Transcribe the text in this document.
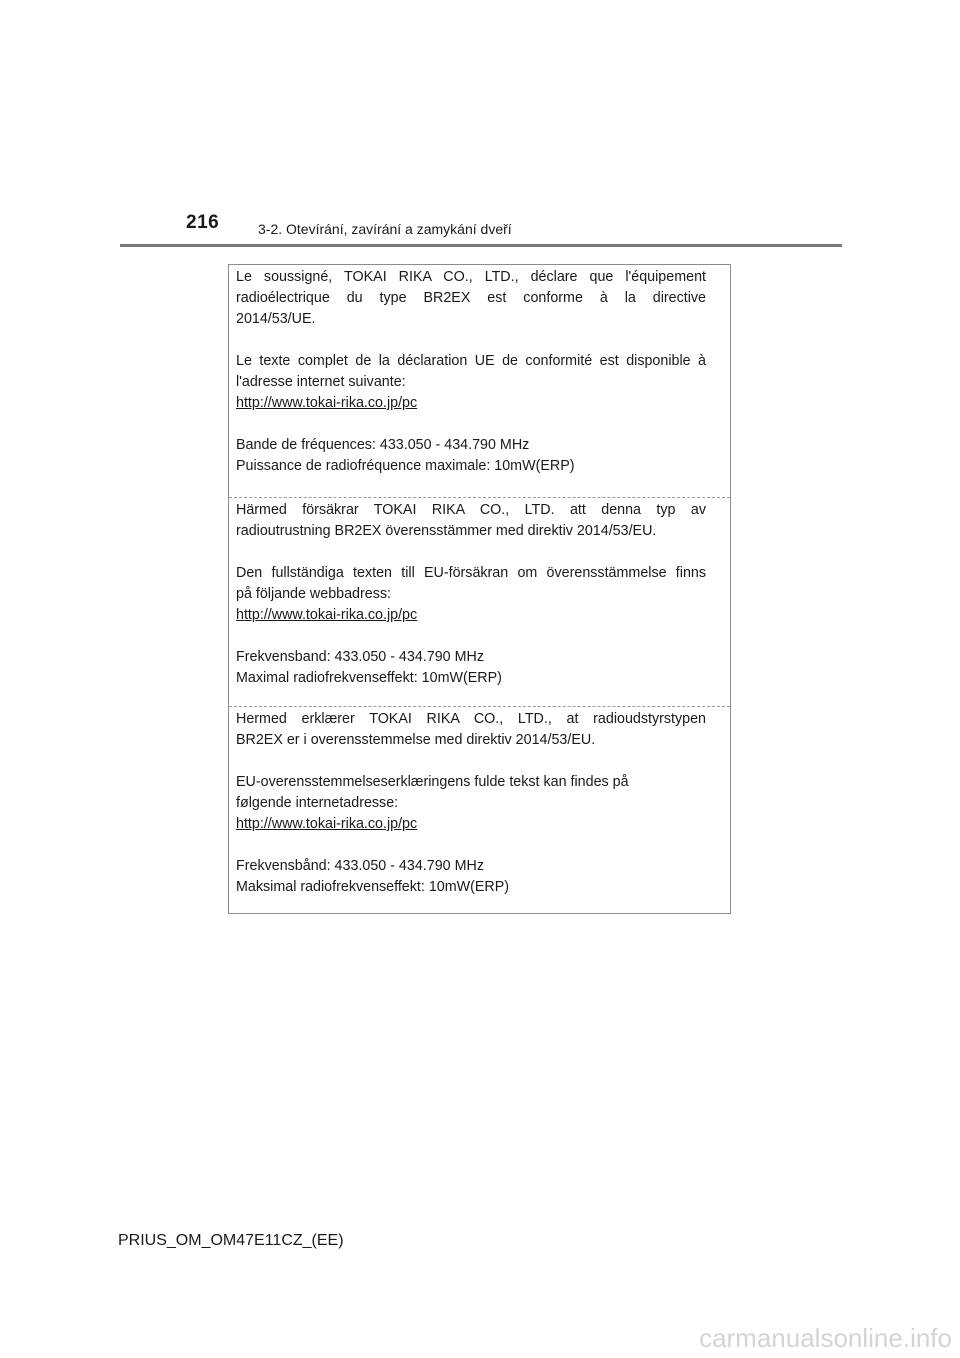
216	3-2. Otevírání, zavírání a zamykání dveří

Le soussigné, TOKAI RIKA CO., LTD., déclare que l'équipement
radioélectrique du type BR2EX est conforme à la directive
2014/53/UE.

Le texte complet de la déclaration UE de conformité est disponible à
l'adresse internet suivante:
http://www.tokai-rika.co.jp/pc

Bande de fréquences: 433.050 - 434.790 MHz
Puissance de radiofréquence maximale: 10mW(ERP)

Härmed försäkrar TOKAI RIKA CO., LTD. att denna typ av
radioutrustning BR2EX överensstämmer med direktiv 2014/53/EU.

Den fullständiga texten till EU-försäkran om överensstämmelse finns
på följande webbadress:
http://www.tokai-rika.co.jp/pc

Frekvensband: 433.050 - 434.790 MHz
Maximal radiofrekvenseffekt: 10mW(ERP)

Hermed erklærer TOKAI RIKA CO., LTD., at radioudstyrstypen
BR2EX er i overensstemmelse med direktiv 2014/53/EU.

EU-overensstemmelseserklæringens fulde tekst kan findes på
følgende internetadresse:
http://www.tokai-rika.co.jp/pc

Frekvensbånd: 433.050 - 434.790 MHz
Maksimal radiofrekvenseffekt: 10mW(ERP)

PRIUS_OM_OM47E11CZ_(EE)
carmanualsonline.info
